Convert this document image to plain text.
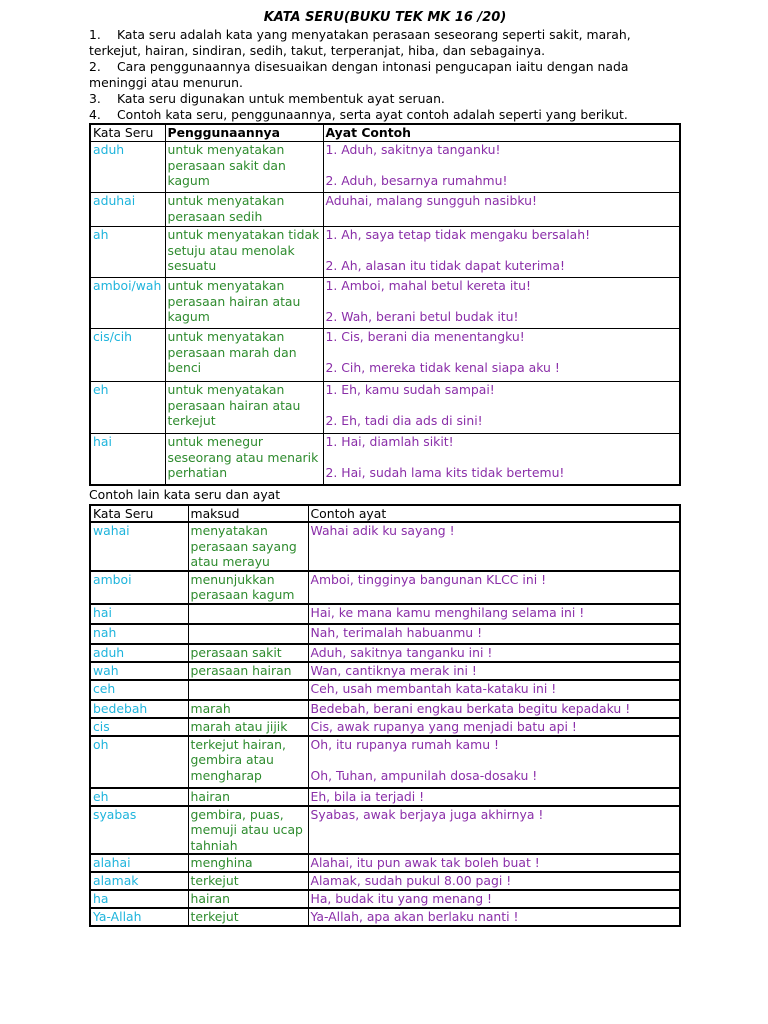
KATA SERU(BUKU TEK MK 16 /20)
1. Kata seru adalah kata yang menyatakan perasaan seseorang seperti sakit, marah, terkejut, hairan, sindiran, sedih, takut, terperanjat, hiba, dan sebagainya.
2. Cara penggunaannya disesuaikan dengan intonasi pengucapan iaitu dengan nada meninggi atau menurun.
3. Kata seru digunakan untuk membentuk ayat seruan.
4. Contoh kata seru, penggunaannya, serta ayat contoh adalah seperti yang berikut.
Kata Seru	Penggunaannya	Ayat Contoh
aduh	untuk menyatakan perasaan sakit dan kagum	1. Aduh, sakitnya tanganku!
2. Aduh, besarnya rumahmu!
aduhai	untuk menyatakan perasaan sedih	Aduhai, malang sungguh nasibku!
ah	untuk menyatakan tidak setuju atau menolak sesuatu	1. Ah, saya tetap tidak mengaku bersalah!
2. Ah, alasan itu tidak dapat kuterima!
amboi/wah	untuk menyatakan perasaan hairan atau kagum	1. Amboi, mahal betul kereta itu!
2. Wah, berani betul budak itu!
cis/cih	untuk menyatakan perasaan marah dan benci	1. Cis, berani dia menentangku!
2. Cih, mereka tidak kenal siapa aku !
eh	untuk menyatakan perasaan hairan atau terkejut	1. Eh, kamu sudah sampai!
2. Eh, tadi dia ads di sini!
hai	untuk menegur seseorang atau menarik perhatian	1. Hai, diamlah sikit!
2. Hai, sudah lama kits tidak bertemu!
Contoh lain kata seru dan ayat
Kata Seru	maksud	Contoh ayat
wahai	menyatakan perasaan sayang atau merayu	Wahai adik ku sayang !
amboi	menunjukkan perasaan kagum	Amboi, tingginya bangunan KLCC ini !
hai		Hai, ke mana kamu menghilang selama ini !
nah		Nah, terimalah habuanmu !
aduh	perasaan sakit	Aduh, sakitnya tanganku ini !
wah	perasaan hairan	Wan, cantiknya merak ini !
ceh		Ceh, usah membantah kata-kataku ini !
bedebah	marah	Bedebah, berani engkau berkata begitu kepadaku !
cis	marah atau jijik	Cis, awak rupanya yang menjadi batu api !
oh	terkejut hairan, gembira atau mengharap	Oh, itu rupanya rumah kamu !
Oh, Tuhan, ampunilah dosa-dosaku !
eh	hairan	Eh, bila ia terjadi !
syabas	gembira, puas, memuji atau ucap tahniah	Syabas, awak berjaya juga akhirnya !
alahai	menghina	Alahai, itu pun awak tak boleh buat !
alamak	terkejut	Alamak, sudah pukul 8.00 pagi !
ha	hairan	Ha, budak itu yang menang !
Ya-Allah	terkejut	Ya-Allah, apa akan berlaku nanti !
